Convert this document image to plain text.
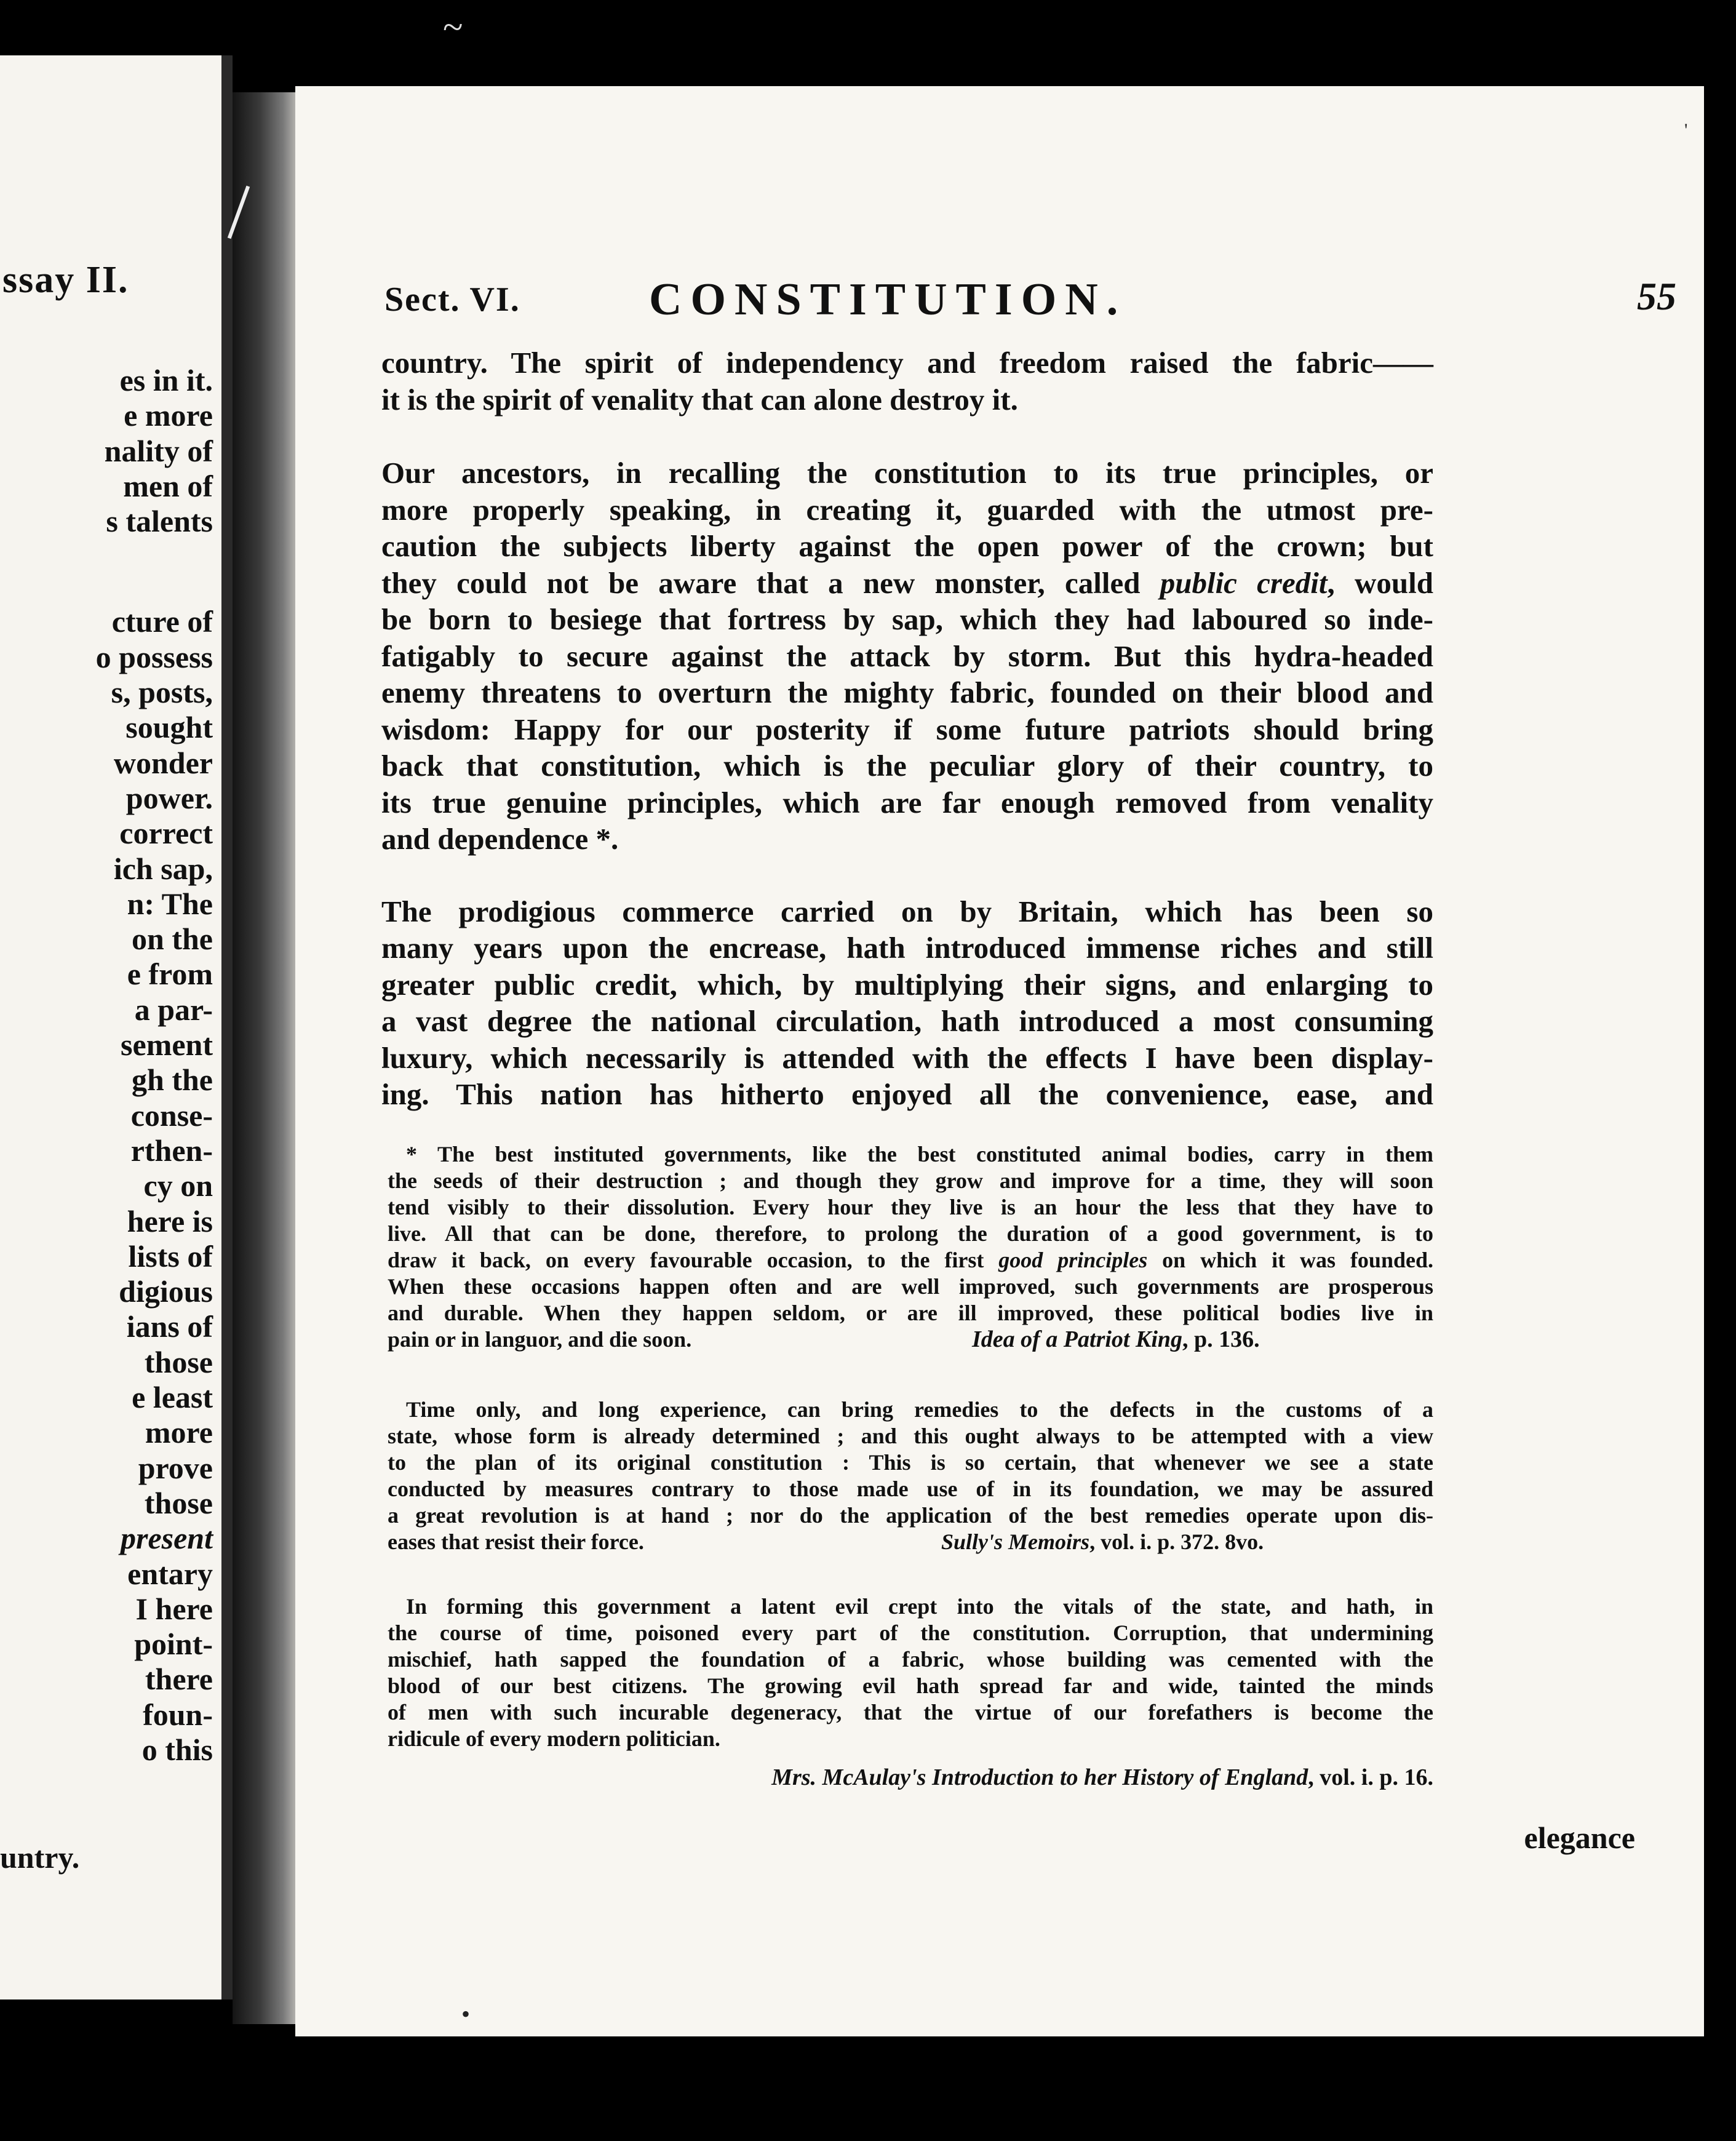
ssay II.
es in it.
e more
nality of
men of
s talents
cture of
o possess
s, posts,
sought
wonder
power.
correct
ich sap,
n: The
on the
e from
a par-
sement
gh the
conse-
rthen-
cy on
here is
lists of
digious
ians of
those
e least
more
prove
those
present
entary
I here
point-
there
foun-
o this
untry.
Sect. VI.	CONSTITUTION.	55
country. The spirit of independency and freedom raised the fabric——
it is the spirit of venality that can alone destroy it.
Our ancestors, in recalling the constitution to its true principles, or
more properly speaking, in creating it, guarded with the utmost pre-
caution the subjects liberty against the open power of the crown; but
they could not be aware that a new monster, called public credit, would
be born to besiege that fortress by sap, which they had laboured so inde-
fatigably to secure against the attack by storm. But this hydra-headed
enemy threatens to overturn the mighty fabric, founded on their blood and
wisdom: Happy for our posterity if some future patriots should bring
back that constitution, which is the peculiar glory of their country, to
its true genuine principles, which are far enough removed from venality
and dependence *.
The prodigious commerce carried on by Britain, which has been so
many years upon the encrease, hath introduced immense riches and still
greater public credit, which, by multiplying their signs, and enlarging to
a vast degree the national circulation, hath introduced a most consuming
luxury, which necessarily is attended with the effects I have been display-
ing. This nation has hitherto enjoyed all the convenience, ease, and
* The best instituted governments, like the best constituted animal bodies, carry in them
the seeds of their destruction ; and though they grow and improve for a time, they will soon
tend visibly to their dissolution. Every hour they live is an hour the less that they have to
live. All that can be done, therefore, to prolong the duration of a good government, is to
draw it back, on every favourable occasion, to the first good principles on which it was founded.
When these occasions happen often and are well improved, such governments are prosperous
and durable. When they happen seldom, or are ill improved, these political bodies live in
pain or in languor, and die soon.	Idea of a Patriot King, p. 136.
Time only, and long experience, can bring remedies to the defects in the customs of a
state, whose form is already determined ; and this ought always to be attempted with a view
to the plan of its original constitution : This is so certain, that whenever we see a state
conducted by measures contrary to those made use of in its foundation, we may be assured
a great revolution is at hand ; nor do the application of the best remedies operate upon dis-
eases that resist their force.	Sully's Memoirs, vol. i. p. 372. 8vo.
In forming this government a latent evil crept into the vitals of the state, and hath, in
the course of time, poisoned every part of the constitution. Corruption, that undermining
mischief, hath sapped the foundation of a fabric, whose building was cemented with the
blood of our best citizens. The growing evil hath spread far and wide, tainted the minds
of men with such incurable degeneracy, that the virtue of our forefathers is become the
ridicule of every modern politician.
Mrs. McAulay's Introduction to her History of England, vol. i. p. 16.
elegance
•
'
~
